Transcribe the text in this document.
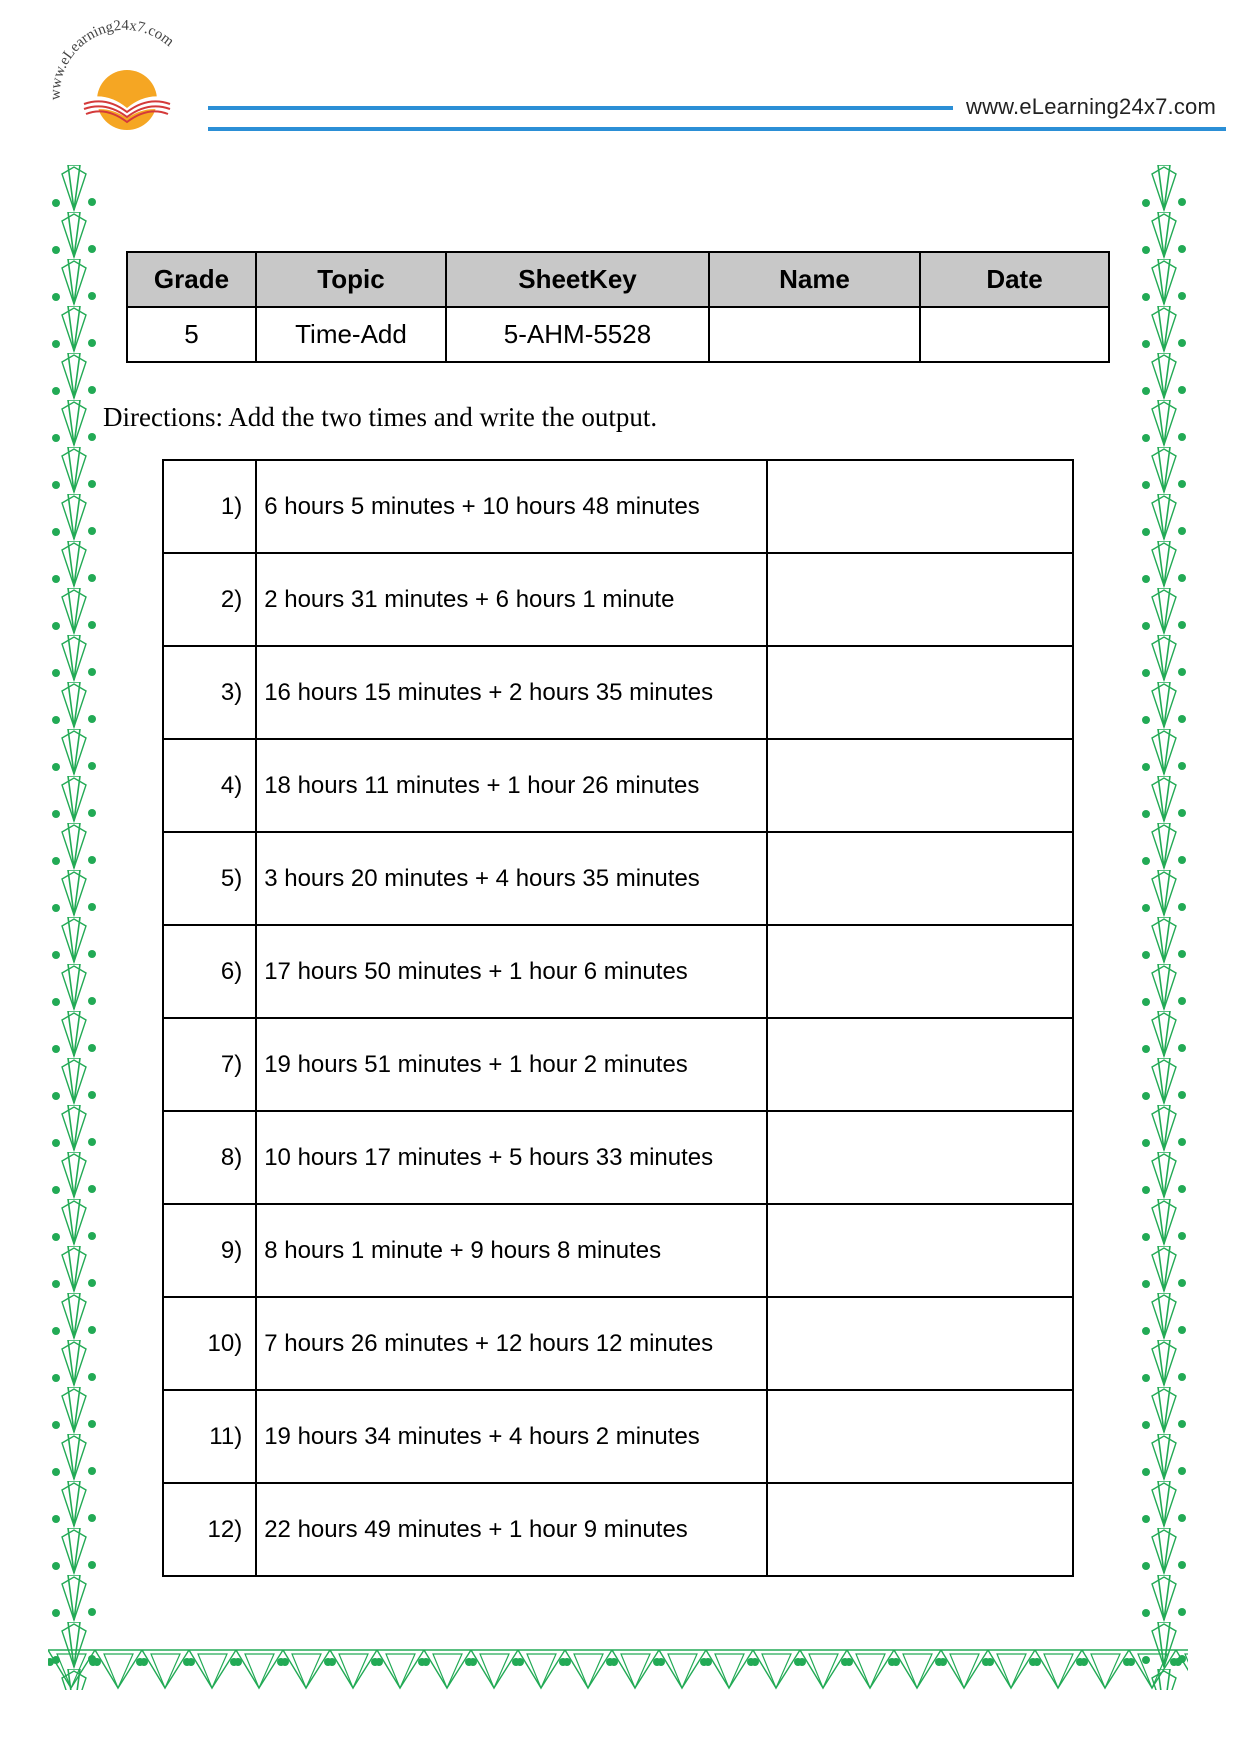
www.eLearning24x7.com
www.eLearning24x7.com
Grade	Topic	SheetKey	Name	Date
5	Time-Add	5-AHM-5528		
Directions: Add the two times and write the output.
1)	6 hours 5 minutes + 10 hours 48 minutes	
2)	2 hours 31 minutes + 6 hours 1 minute	
3)	16 hours 15 minutes + 2 hours 35 minutes	
4)	18 hours 11 minutes + 1 hour 26 minutes	
5)	3 hours 20 minutes + 4 hours 35 minutes	
6)	17 hours 50 minutes + 1 hour 6 minutes	
7)	19 hours 51 minutes + 1 hour 2 minutes	
8)	10 hours 17 minutes + 5 hours 33 minutes	
9)	8 hours 1 minute + 9 hours 8 minutes	
10)	7 hours 26 minutes + 12 hours 12 minutes	
11)	19 hours 34 minutes + 4 hours 2 minutes	
12)	22 hours 49 minutes + 1 hour 9 minutes	
